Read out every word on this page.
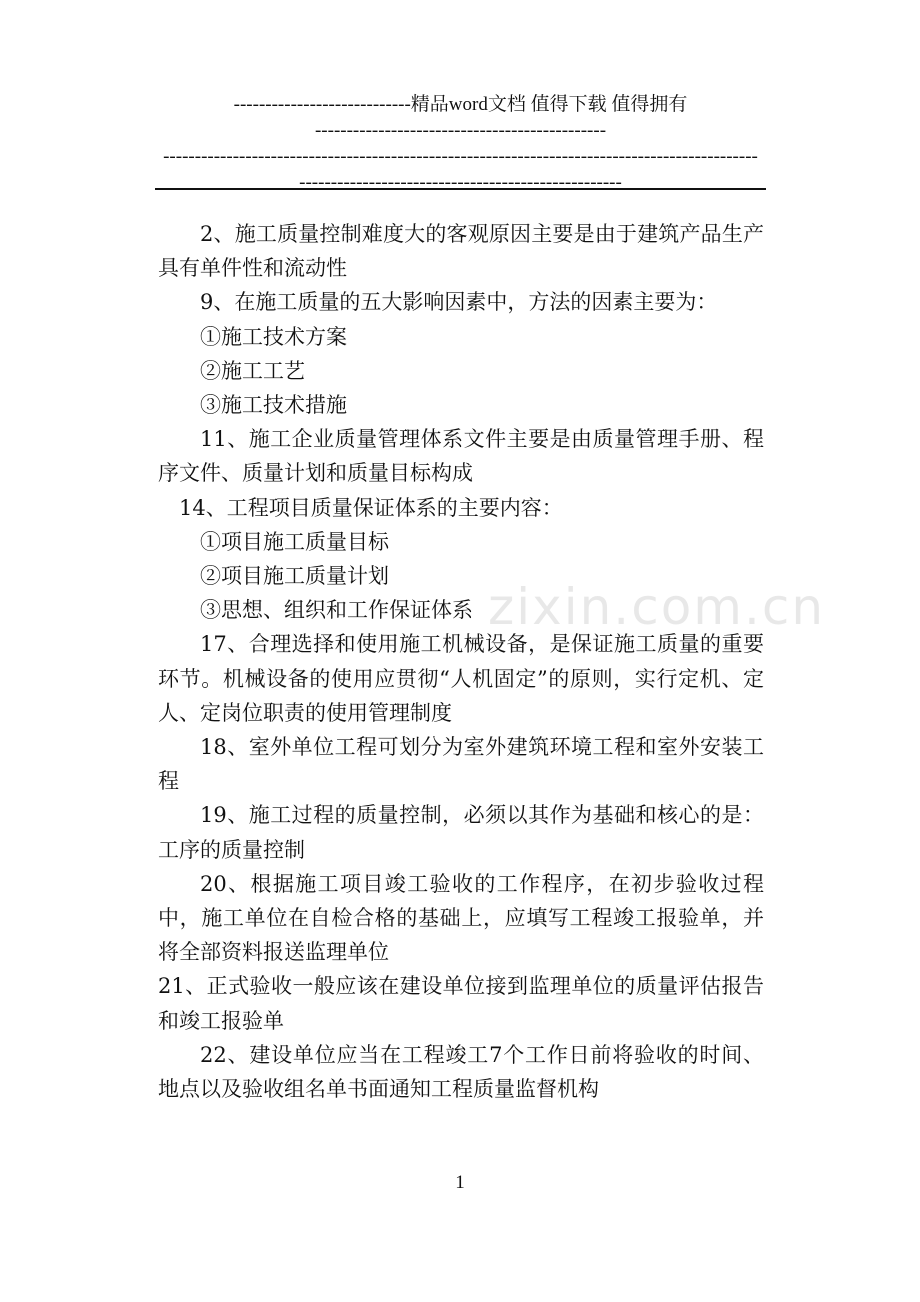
----------------------------精品word文档 值得下载 值得拥有
----------------------------------------------
----------------------------------------------------------------------------------------------
---------------------------------------------------
zixin.com.cn

2、施工质量控制难度大的客观原因主要是由于建筑产品生产具有单件性和流动性

9、在施工质量的五大影响因素中，方法的因素主要为：

①施工技术方案

②施工工艺

③施工技术措施

11、施工企业质量管理体系文件主要是由质量管理手册、程序文件、质量计划和质量目标构成

14、工程项目质量保证体系的主要内容：

①项目施工质量目标

②项目施工质量计划

③思想、组织和工作保证体系

17、合理选择和使用施工机械设备，是保证施工质量的重要环节。机械设备的使用应贯彻“人机固定”的原则，实行定机、定人、定岗位职责的使用管理制度

18、室外单位工程可划分为室外建筑环境工程和室外安装工程

19、施工过程的质量控制，必须以其作为基础和核心的是：工序的质量控制

20、根据施工项目竣工验收的工作程序，在初步验收过程中，施工单位在自检合格的基础上，应填写工程竣工报验单，并将全部资料报送监理单位

21、正式验收一般应该在建设单位接到监理单位的质量评估报告和竣工报验单

22、建设单位应当在工程竣工7个工作日前将验收的时间、地点以及验收组名单书面通知工程质量监督机构

1
